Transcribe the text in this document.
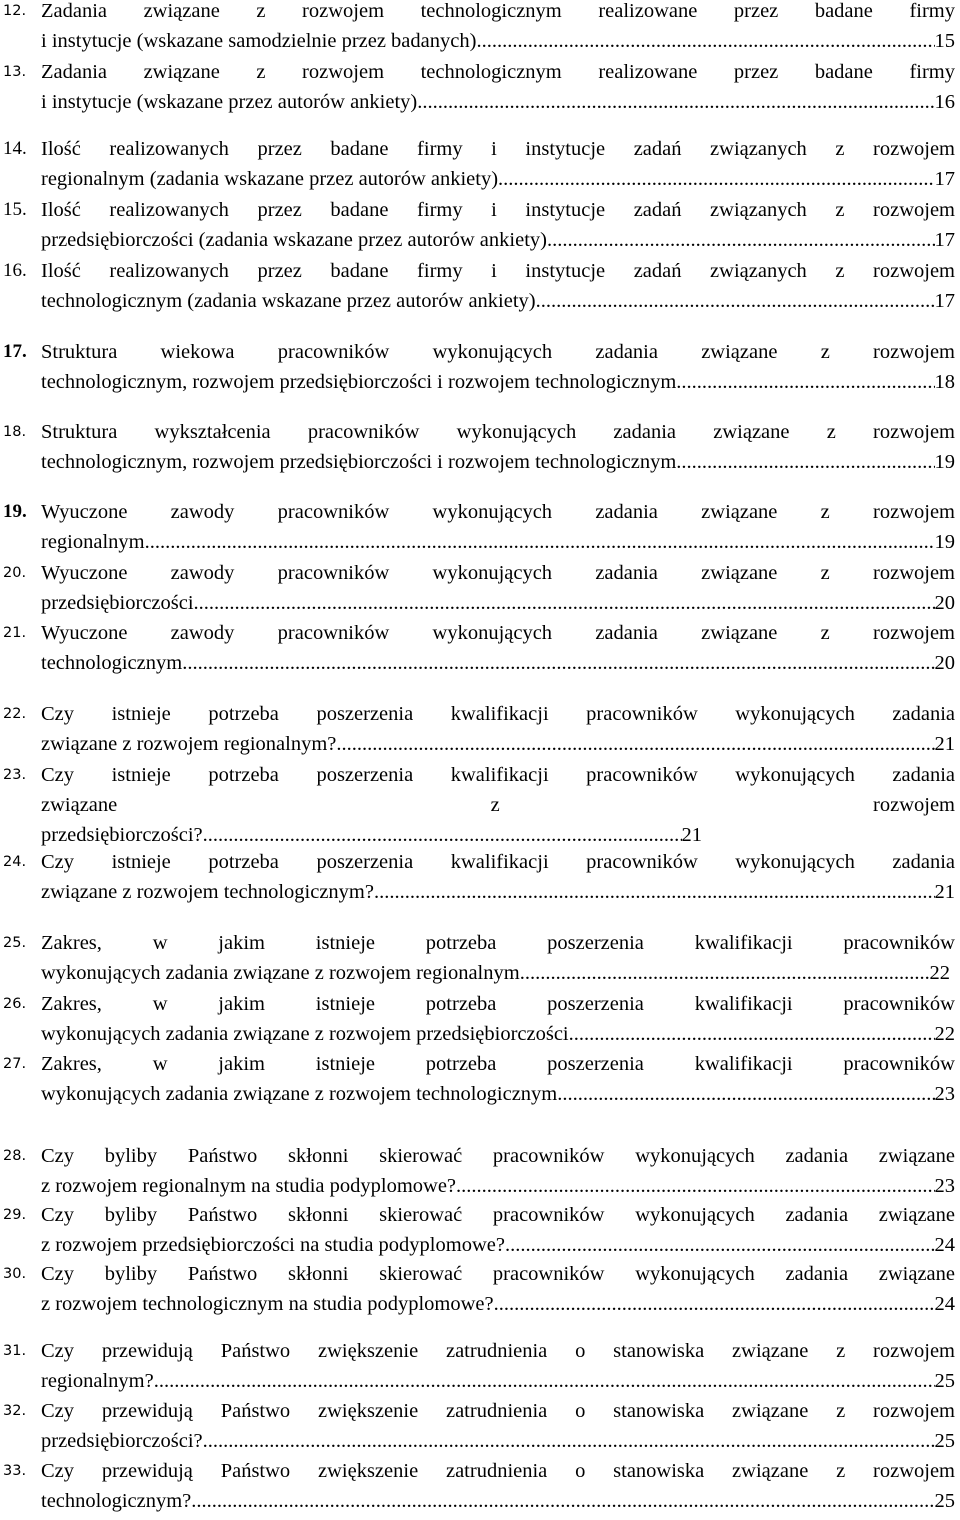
12. Zadania związane z rozwojem technologicznym realizowane przez badane firmy
i instytucje (wskazane samodzielnie przez badanych) .....	15
13. Zadania związane z rozwojem technologicznym realizowane przez badane firmy
i instytucje (wskazane przez autorów ankiety) .....	16
14. Ilość realizowanych przez badane firmy i instytucje zadań związanych z rozwojem
regionalnym (zadania wskazane przez autorów ankiety) .....	17
15. Ilość realizowanych przez badane firmy i instytucje zadań związanych z rozwojem
przedsiębiorczości (zadania wskazane przez autorów ankiety) .....	17
16. Ilość realizowanych przez badane firmy i instytucje zadań związanych z rozwojem
technologicznym (zadania wskazane przez autorów ankiety) .....	17
17. Struktura wiekowa pracowników wykonujących zadania związane z rozwojem
technologicznym, rozwojem przedsiębiorczości i rozwojem technologicznym .....	18
18. Struktura wykształcenia pracowników wykonujących zadania związane z rozwojem
technologicznym, rozwojem przedsiębiorczości i rozwojem technologicznym .....	19
19. Wyuczone zawody pracowników wykonujących zadania związane z rozwojem
regionalnym .....	19
20. Wyuczone zawody pracowników wykonujących zadania związane z rozwojem
przedsiębiorczości .....	20
21. Wyuczone zawody pracowników wykonujących zadania związane z rozwojem
technologicznym .....	20
22. Czy istnieje potrzeba poszerzenia kwalifikacji pracowników wykonujących zadania
związane z rozwojem regionalnym? .....	21
23. Czy istnieje potrzeba poszerzenia kwalifikacji pracowników wykonujących zadania
związane z rozwojem
przedsiębiorczości? .....	21
24. Czy istnieje potrzeba poszerzenia kwalifikacji pracowników wykonujących zadania
związane z rozwojem technologicznym? .....	21
25. Zakres, w jakim istnieje potrzeba poszerzenia kwalifikacji pracowników
wykonujących zadania związane z rozwojem regionalnym .....	22
26. Zakres, w jakim istnieje potrzeba poszerzenia kwalifikacji pracowników
wykonujących zadania związane z rozwojem przedsiębiorczości .....	22
27. Zakres, w jakim istnieje potrzeba poszerzenia kwalifikacji pracowników
wykonujących zadania związane z rozwojem technologicznym .....	23
28. Czy byliby Państwo skłonni skierować pracowników wykonujących zadania związane
z rozwojem regionalnym na studia podyplomowe? .....	23
29. Czy byliby Państwo skłonni skierować pracowników wykonujących zadania związane
z rozwojem przedsiębiorczości na studia podyplomowe? .....	24
30. Czy byliby Państwo skłonni skierować pracowników wykonujących zadania związane
z rozwojem technologicznym na studia podyplomowe? .....	24
31. Czy przewidują Państwo zwiększenie zatrudnienia o stanowiska związane z rozwojem
regionalnym? .....	25
32. Czy przewidują Państwo zwiększenie zatrudnienia o stanowiska związane z rozwojem
przedsiębiorczości? .....	25
33. Czy przewidują Państwo zwiększenie zatrudnienia o stanowiska związane z rozwojem
technologicznym? .....	25
